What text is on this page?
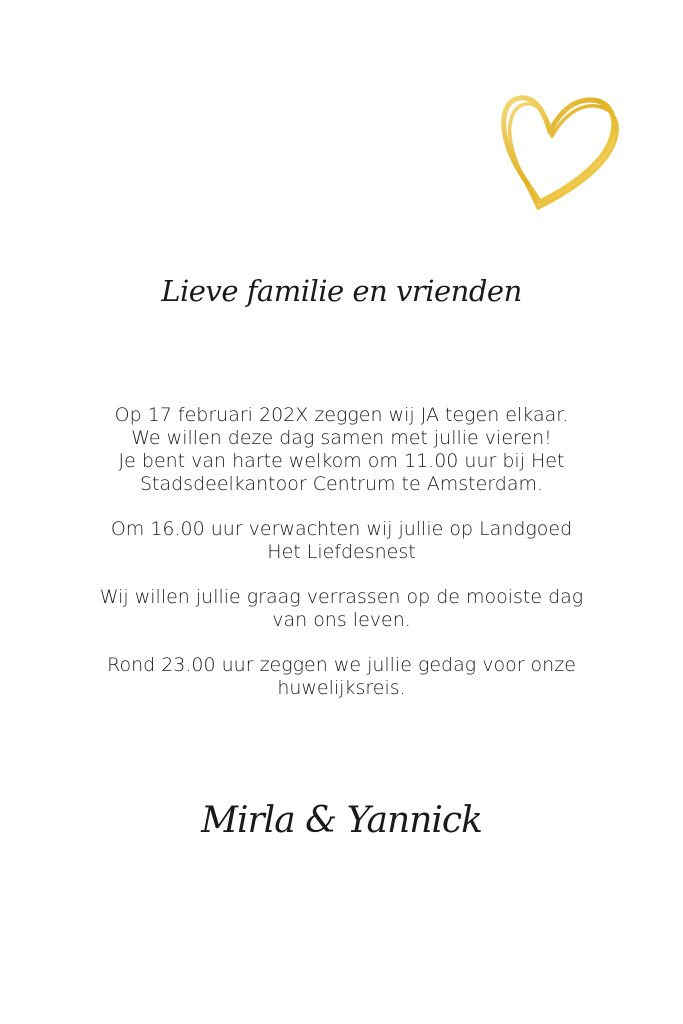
Lieve familie en vrienden

Op 17 februari 202X zeggen wij JA tegen elkaar.
We willen deze dag samen met jullie vieren!
Je bent van harte welkom om 11.00 uur bij Het
Stadsdeelkantoor Centrum te Amsterdam.

Om 16.00 uur verwachten wij jullie op Landgoed
Het Liefdesnest

Wij willen jullie graag verrassen op de mooiste dag
van ons leven.

Rond 23.00 uur zeggen we jullie gedag voor onze
huwelijksreis.

Mirla & Yannick
